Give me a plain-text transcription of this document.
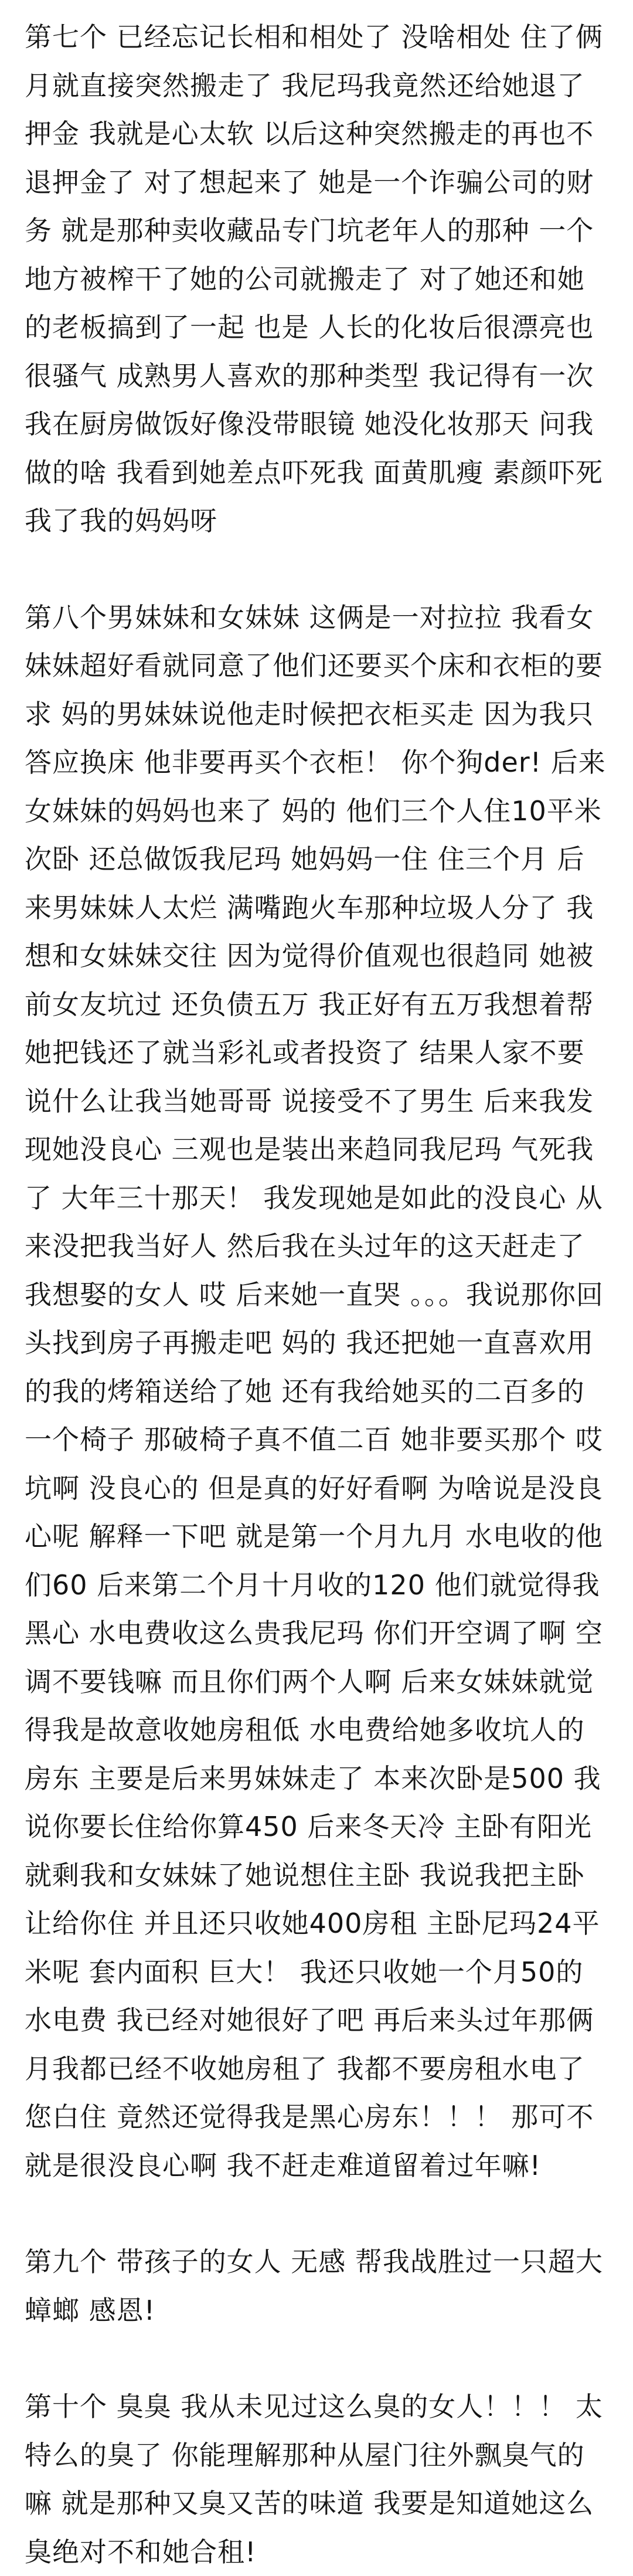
第七个 已经忘记长相和相处了 没啥相处 住了俩月就直接突然搬走了 我尼玛我竟然还给她退了押金 我就是心太软 以后这种突然搬走的再也不退押金了 对了想起来了 她是一个诈骗公司的财务 就是那种卖收藏品专门坑老年人的那种 一个地方被榨干了她的公司就搬走了 对了她还和她的老板搞到了一起 也是 人长的化妆后很漂亮也很骚气 成熟男人喜欢的那种类型 我记得有一次我在厨房做饭好像没带眼镜 她没化妆那天 问我做的啥 我看到她差点吓死我 面黄肌瘦 素颜吓死我了我的妈妈呀

第八个男妹妹和女妹妹 这俩是一对拉拉 我看女妹妹超好看就同意了他们还要买个床和衣柜的要求 妈的男妹妹说他走时候把衣柜买走 因为我只答应换床 他非要再买个衣柜！ 你个狗der! 后来女妹妹的妈妈也来了 妈的 他们三个人住10平米次卧 还总做饭我尼玛 她妈妈一住 住三个月 后来男妹妹人太烂 满嘴跑火车那种垃圾人分了 我想和女妹妹交往 因为觉得价值观也很趋同 她被前女友坑过 还负债五万 我正好有五万我想着帮她把钱还了就当彩礼或者投资了 结果人家不要 说什么让我当她哥哥 说接受不了男生 后来我发现她没良心 三观也是装出来趋同我尼玛 气死我了 大年三十那天！ 我发现她是如此的没良心 从来没把我当好人 然后我在头过年的这天赶走了我想娶的女人 哎 后来她一直哭 。。。我说那你回头找到房子再搬走吧 妈的 我还把她一直喜欢用的我的烤箱送给了她 还有我给她买的二百多的一个椅子 那破椅子真不值二百 她非要买那个 哎 坑啊 没良心的 但是真的好好看啊 为啥说是没良心呢 解释一下吧 就是第一个月九月 水电收的他们60 后来第二个月十月收的120 他们就觉得我黑心 水电费收这么贵我尼玛 你们开空调了啊 空调不要钱嘛 而且你们两个人啊 后来女妹妹就觉得我是故意收她房租低 水电费给她多收坑人的房东 主要是后来男妹妹走了 本来次卧是500 我说你要长住给你算450 后来冬天冷 主卧有阳光 就剩我和女妹妹了她说想住主卧 我说我把主卧让给你住 并且还只收她400房租 主卧尼玛24平米呢 套内面积 巨大！ 我还只收她一个月50的水电费 我已经对她很好了吧 再后来头过年那俩月我都已经不收她房租了 我都不要房租水电了 您白住 竟然还觉得我是黑心房东！！！ 那可不就是很没良心啊 我不赶走难道留着过年嘛!

第九个 带孩子的女人 无感 帮我战胜过一只超大蟑螂 感恩!

第十个 臭臭 我从未见过这么臭的女人！！！ 太特么的臭了 你能理解那种从屋门往外飘臭气的嘛 就是那种又臭又苦的味道 我要是知道她这么臭绝对不和她合租!
